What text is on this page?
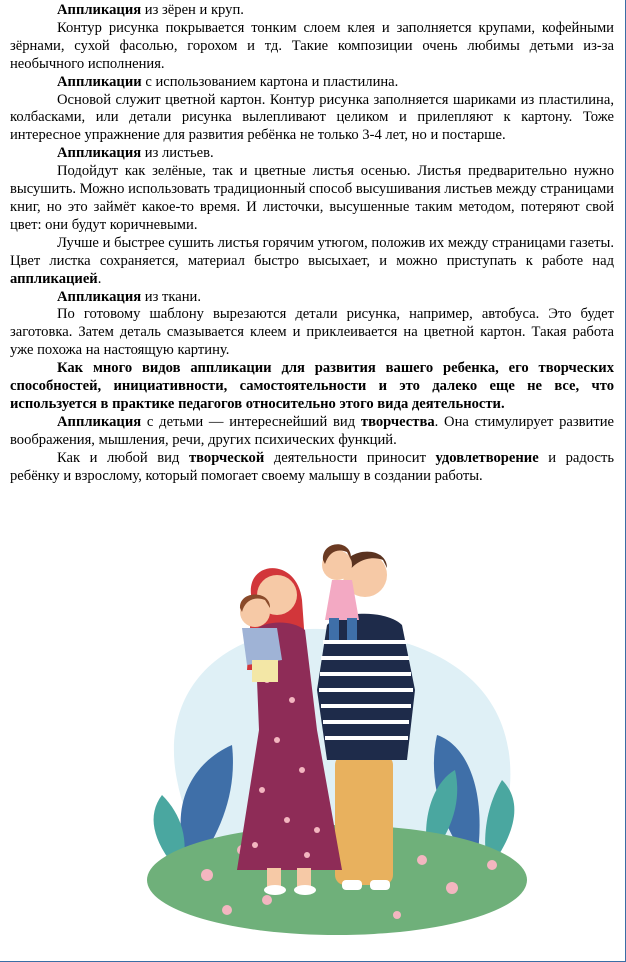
Аппликация из зёрен и круп.

Контур рисунка покрывается тонким слоем клея и заполняется крупами, кофейными зёрнами, сухой фасолью, горохом и тд. Такие композиции очень любимы детьми из-за необычного исполнения.

Аппликации с использованием картона и пластилина.

Основой служит цветной картон. Контур рисунка заполняется шариками из пластилина, колбасками, или детали рисунка вылепливают целиком и прилепляют к картону. Тоже интересное упражнение для развития ребёнка не только 3-4 лет, но и постарше.

Аппликация из листьев.

Подойдут как зелёные, так и цветные листья осенью. Листья предварительно нужно высушить. Можно использовать традиционный способ высушивания листьев между страницами книг, но это займёт какое-то время. И листочки, высушенные таким методом, потеряют свой цвет: они будут коричневыми.

Лучше и быстрее сушить листья горячим утюгом, положив их между страницами газеты. Цвет листка сохраняется, материал быстро высыхает, и можно приступать к работе над аппликацией.

Аппликация из ткани.

По готовому шаблону вырезаются детали рисунка, например, автобуса. Это будет заготовка. Затем деталь смазывается клеем и приклеивается на цветной картон. Такая работа уже похожа на настоящую картину.

Как много видов аппликации для развития вашего ребенка, его творческих способностей, инициативности, самостоятельности и это далеко еще не все, что используется в практике педагогов относительно этого вида деятельности.

Аппликация с детьми — интереснейший вид творчества. Она стимулирует развитие воображения, мышления, речи, других психических функций.

Как и любой вид творческой деятельности приносит удовлетворение и радость ребёнку и взрослому, который помогает своему малышу в создании работы.
